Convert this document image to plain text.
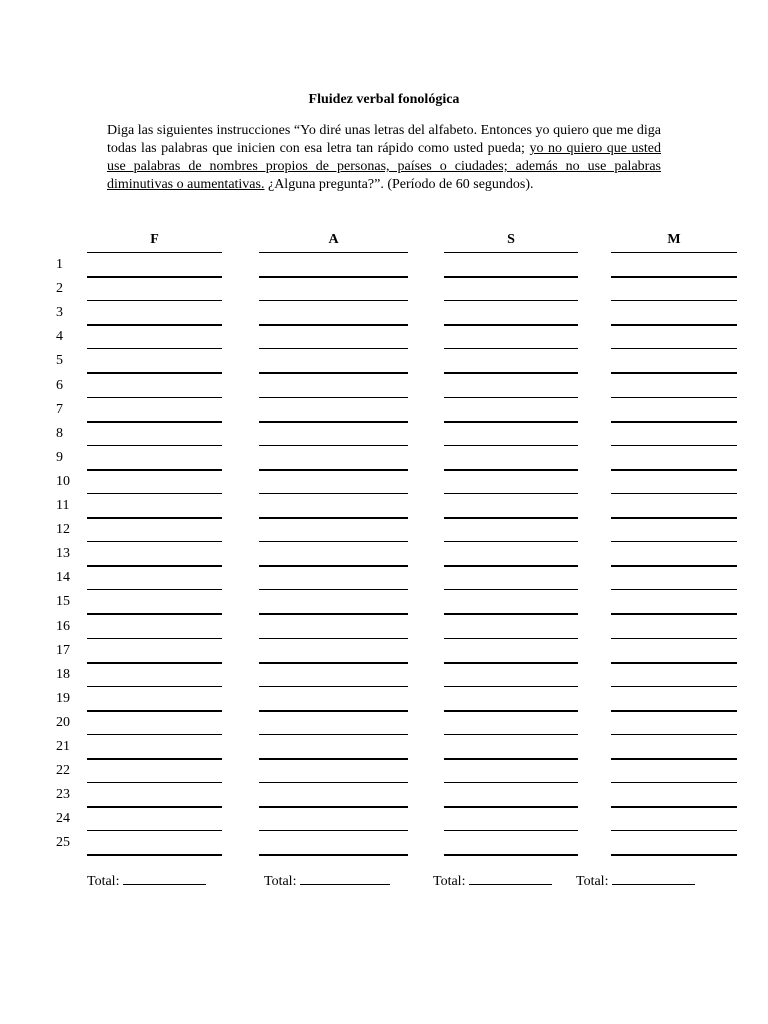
Fluidez verbal fonológica
Diga las siguientes instrucciones “Yo diré unas letras del alfabeto. Entonces yo quiero que me diga todas las palabras que inicien con esa letra tan rápido como usted pueda; yo no quiero que usted use palabras de nombres propios de personas, países o ciudades; además no use palabras diminutivas o aumentativas. ¿Alguna pregunta?”. (Período de 60 segundos).
F
Total:
A
Total:
S
Total:
M
Total:
1
2
3
4
5
6
7
8
9
10
11
12
13
14
15
16
17
18
19
20
21
22
23
24
25
